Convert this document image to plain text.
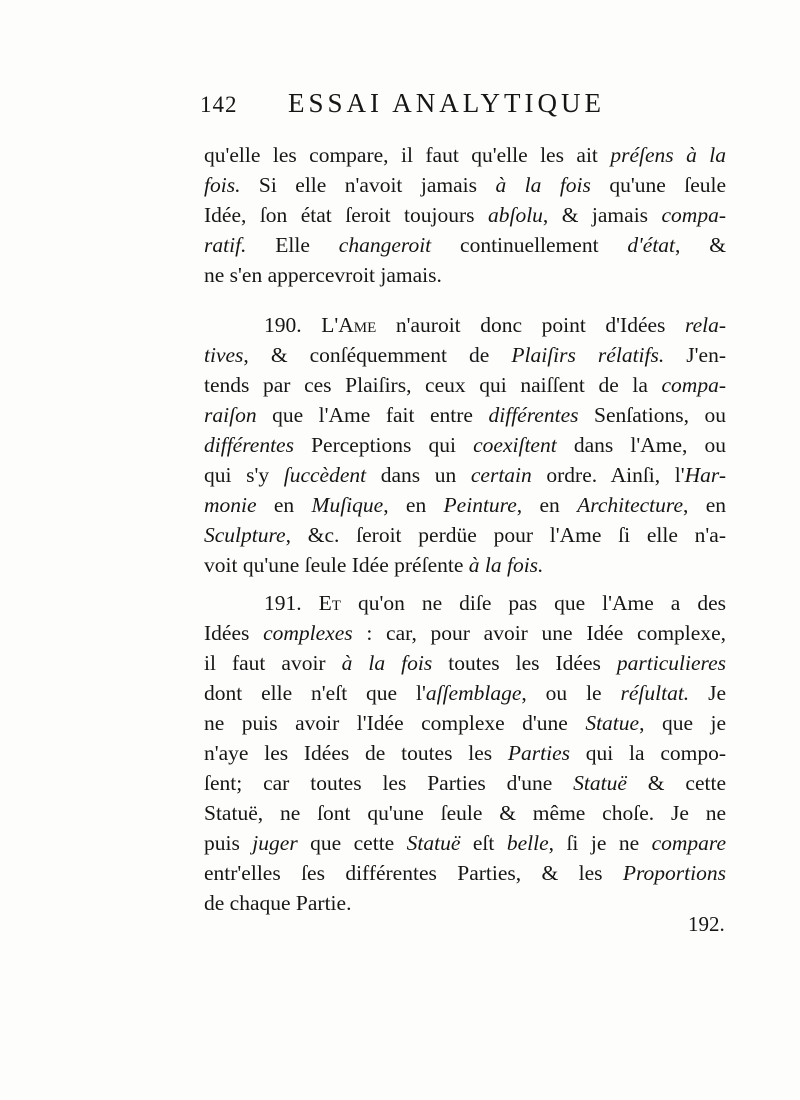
142 ESSAI ANALYTIQUE
qu'elle les compare, il faut qu'elle les ait préſens à la
fois. Si elle n'avoit jamais à la fois qu'une ſeule
Idée, ſon état ſeroit toujours abſolu, & jamais compa-
ratif. Elle changeroit continuellement d'état, &
ne s'en appercevroit jamais.
190. L'Ame n'auroit donc point d'Idées rela-
tives, & conſéquemment de Plaiſirs rélatifs. J'en-
tends par ces Plaiſirs, ceux qui naiſſent de la compa-
raiſon que l'Ame fait entre différentes Senſations, ou
différentes Perceptions qui coexiſtent dans l'Ame, ou
qui s'y ſuccèdent dans un certain ordre. Ainſi, l'Har-
monie en Muſique, en Peinture, en Architecture, en
Sculpture, &c. ſeroit perdüe pour l'Ame ſi elle n'a-
voit qu'une ſeule Idée préſente à la fois.
191. Et qu'on ne diſe pas que l'Ame a des
Idées complexes : car, pour avoir une Idée complexe,
il faut avoir à la fois toutes les Idées particulieres
dont elle n'eſt que l'aſſemblage, ou le réſultat. Je
ne puis avoir l'Idée complexe d'une Statue, que je
n'aye les Idées de toutes les Parties qui la compo-
ſent; car toutes les Parties d'une Statuë & cette
Statuë, ne ſont qu'une ſeule & même choſe. Je ne
puis juger que cette Statuë eſt belle, ſi je ne compare
entr'elles ſes différentes Parties, & les Proportions
de chaque Partie.
192.
